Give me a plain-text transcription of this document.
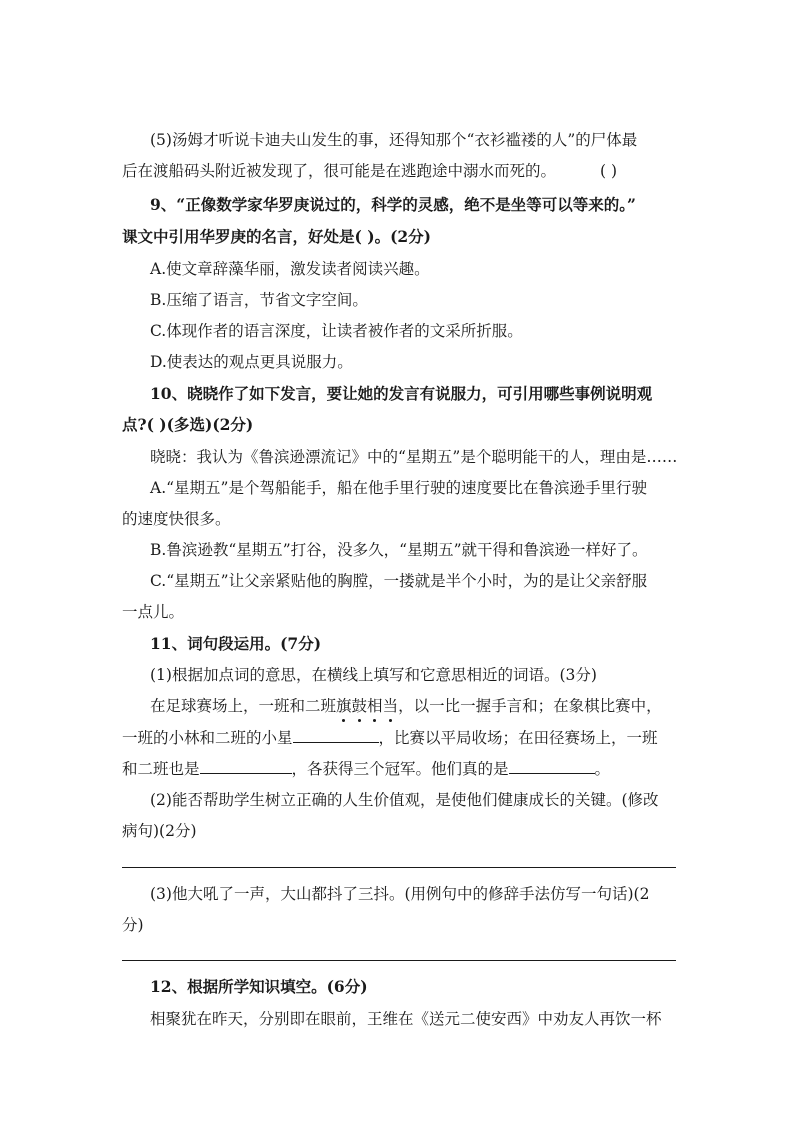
(5)汤姆才听说卡迪夫山发生的事，还得知那个“衣衫褴褛的人”的尸体最
后在渡船码头附近被发现了，很可能是在逃跑途中溺水而死的。	( )
9、“正像数学家华罗庚说过的，科学的灵感，绝不是坐等可以等来的。”
课文中引用华罗庚的名言，好处是( )。(2分)
A.使文章辞藻华丽，激发读者阅读兴趣。
B.压缩了语言，节省文字空间。
C.体现作者的语言深度，让读者被作者的文采所折服。
D.使表达的观点更具说服力。
10、晓晓作了如下发言，要让她的发言有说服力，可引用哪些事例说明观
点?( )(多选)(2分)
晓晓：我认为《鲁滨逊漂流记》中的“星期五”是个聪明能干的人，理由是……
A.“星期五”是个驾船能手，船在他手里行驶的速度要比在鲁滨逊手里行驶
的速度快很多。
B.鲁滨逊教“星期五”打谷，没多久，“星期五”就干得和鲁滨逊一样好了。
C.“星期五”让父亲紧贴他的胸膛，一搂就是半个小时，为的是让父亲舒服
一点儿。
11、词句段运用。(7分)
(1)根据加点词的意思，在横线上填写和它意思相近的词语。(3分)
在足球赛场上，一班和二班旗
鼓
相
当
，以一比一握手言和；在象棋比赛中，
一班的小林和二班的小星	，比赛以平局收场；在田径赛场上，一班
和二班也是	，各获得三个冠军。他们真的是	。
(2)能否帮助学生树立正确的人生价值观，是使他们健康成长的关键。(修改
病句)(2分)
(3)他大吼了一声，大山都抖了三抖。(用例句中的修辞手法仿写一句话)(2
分)
12、根据所学知识填空。(6分)
相聚犹在昨天，分别即在眼前，王维在《送元二使安西》中劝友人再饮一杯
